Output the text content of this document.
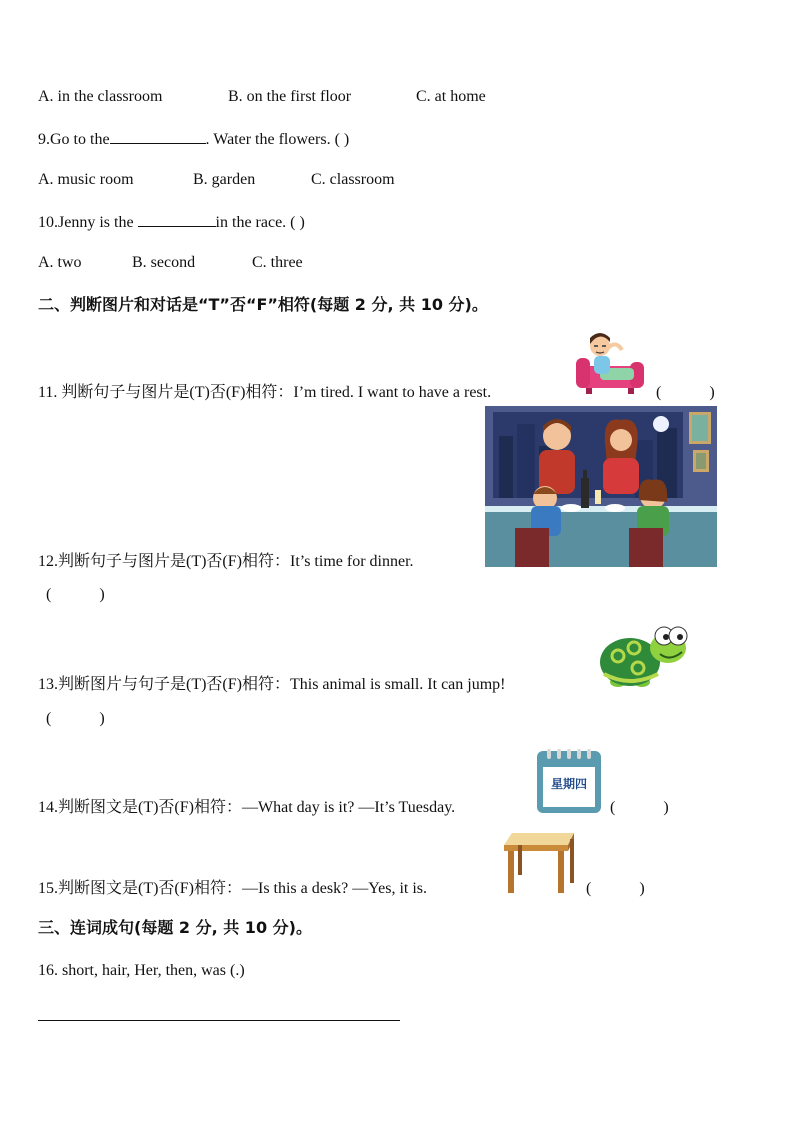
A. in the classroom	B. on the first floor	C. at home
9.Go to the	. Water the flowers. ( )
A. music room	B. garden	C. classroom
10.Jenny is the	in the race. ( )
A. two	B. second	C. three
二、判断图片和对话是“T”否“F”相符(每题 2 分, 共 10 分)。
11. 判断句子与图片是(T)否(F)相符：I’m tired. I want to have a rest.	(            )
12.判断句子与图片是(T)否(F)相符：It’s time for dinner.
(            )
13.判断图片与句子是(T)否(F)相符：This animal is small. It can jump!
(            )
星期四
14.判断图文是(T)否(F)相符：—What day is it? —It’s Tuesday.	(            )
15.判断图文是(T)否(F)相符：—Is this a desk? —Yes, it is.	(            )
三、连词成句(每题 2 分, 共 10 分)。
16. short, hair, Her, then, was (.)
